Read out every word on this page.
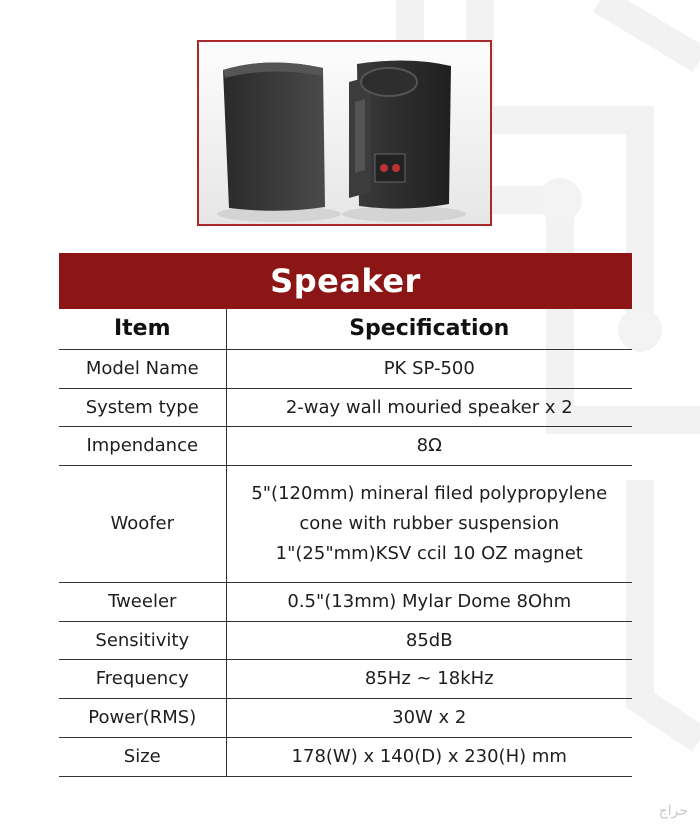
Speaker
Item	Specification
Model Name	PK SP-500
System type	2-way wall mouried speaker x 2
Impendance	8Ω
Woofer	5"(120mm) mineral filed polypropylene
cone with rubber suspension
1"(25"mm)KSV ccil 10 OZ magnet

Tweeler	0.5"(13mm) Mylar Dome 8Ohm
Sensitivity	85dB
Frequency	85Hz ~ 18kHz
Power(RMS)	30W x 2
Size	178(W) x 140(D) x 230(H) mm
حراج
